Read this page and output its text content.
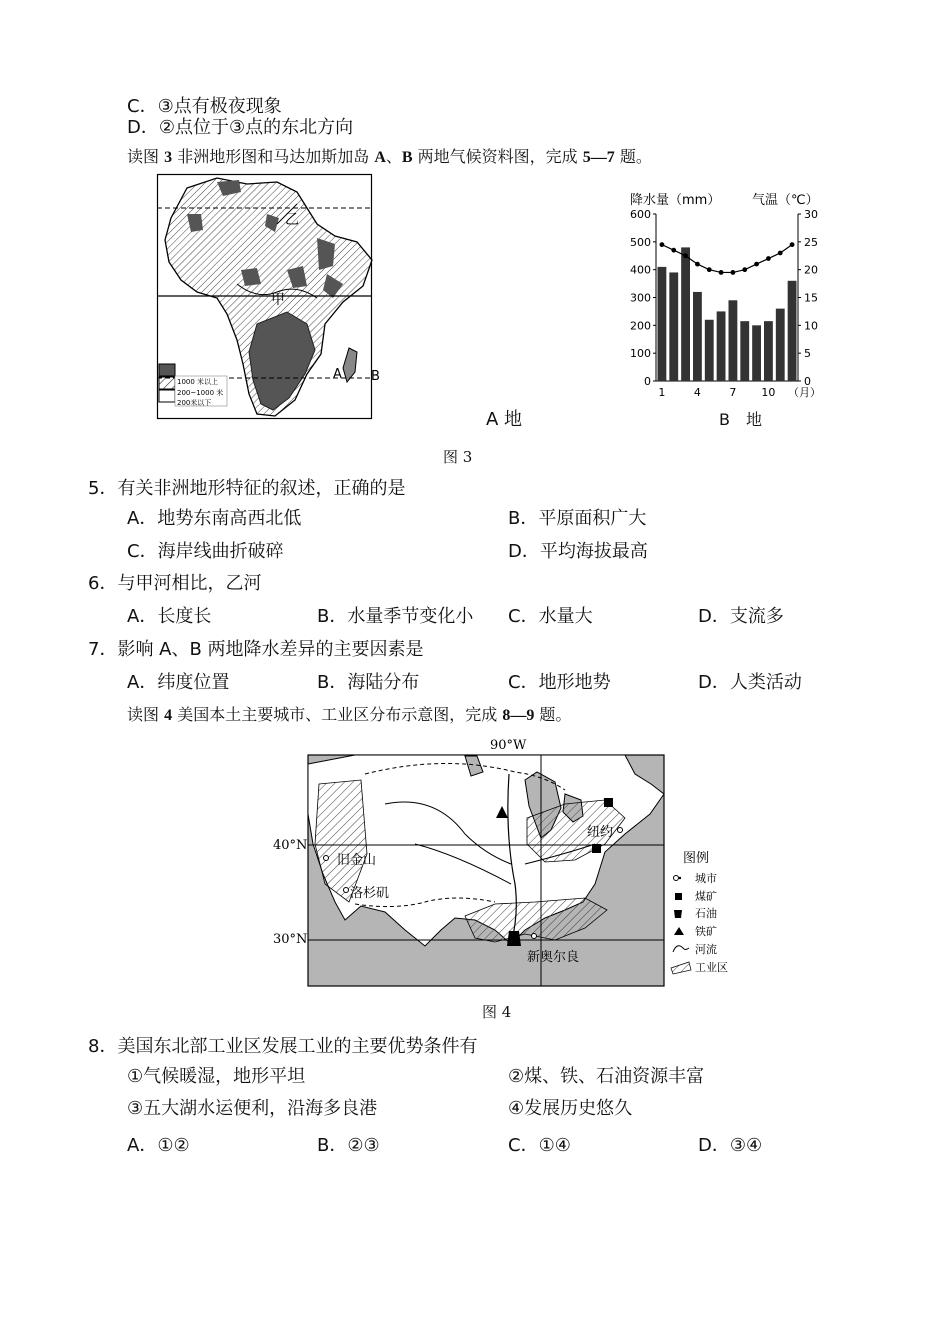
C．③点有极夜现象
D．②点位于③点的东北方向
读图 3 非洲地形图和马达加斯加岛 A、B 两地气候资料图，完成 5—7 题。
甲
乙
A B
1000 米以上
200~1000 米
200米以下
降水量（mm） 气温（℃）
600
500
400
300
200
100
0
30
25
20
15
10
5
0
1	4	7 10 （月）
A 地	B　地
图 3
5．有关非洲地形特征的叙述，正确的是
A．地势东南高西北低	B．平原面积广大
C．海岸线曲折破碎	D．平均海拔最高
6．与甲河相比，乙河
A．长度长	B．水量季节变化小 C．水量大	D．支流多
7．影响 A、B 两地降水差异的主要因素是
A．纬度位置	B．海陆分布	C．地形地势	D．人类活动
读图 4 美国本土主要城市、工业区分布示意图，完成 8—9 题。
90°W
40°N
30°N
旧金山
洛杉矶
纽约
新奥尔良
图例
城市
煤矿
石油
铁矿
河流
工业区
图 4
8．美国东北部工业区发展工业的主要优势条件有
①气候暖湿，地形平坦	②煤、铁、石油资源丰富
③五大湖水运便利，沿海多良港	④发展历史悠久
A．①②	B．②③	C．①④	D．③④
